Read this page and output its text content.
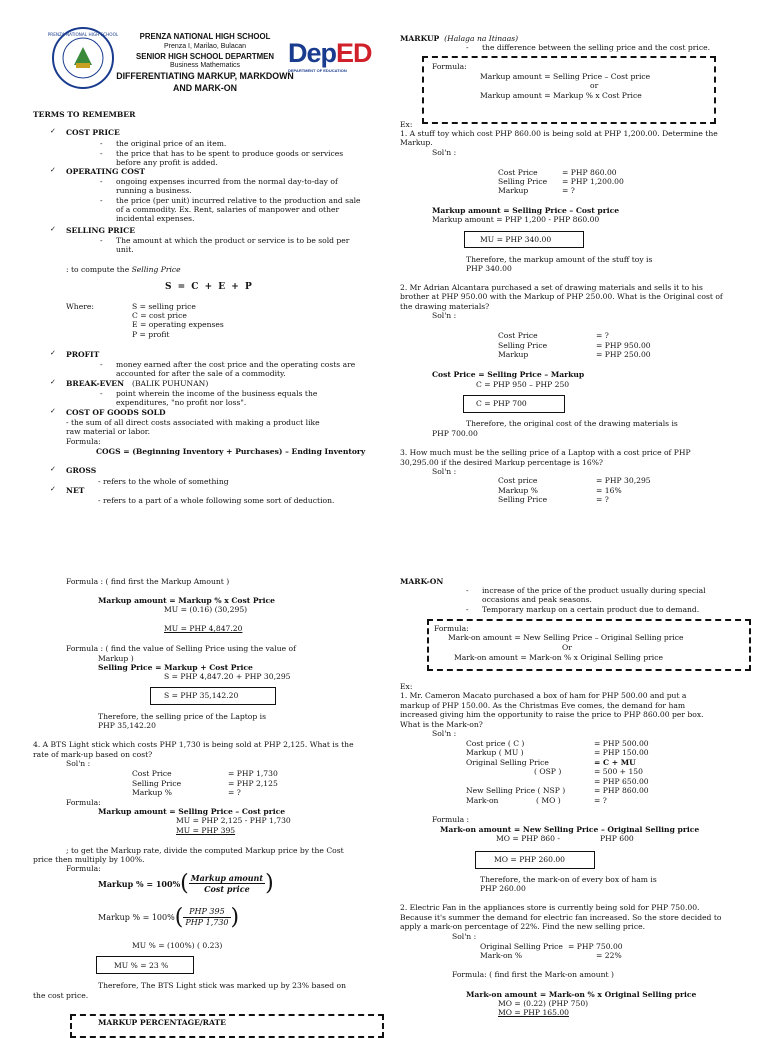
PRENZA NATIONAL HIGH SCHOOL	PRENZA NATIONAL HIGH SCHOOL
Prenza I, Marilao, Bulacan
SENIOR HIGH SCHOOL DEPARTMEN
Business Mathematics
DIFFERENTIATING MARKUP, MARKDOWN
AND MARK-ON
DepED
DEPARTMENT OF EDUCATION
TERMS TO REMEMBER
✓ COST PRICE
- the original price of an item.
- the price that has to be spent to produce goods or services
before any profit is added.
✓ OPERATING COST
- ongoing expenses incurred from the normal day-to-day of
running a business.
- the price (per unit) incurred relative to the production and sale
of a commodity. Ex. Rent, salaries of manpower and other
incidental expenses.
✓ SELLING PRICE
- The amount at which the product or service is to be sold per
unit.
: to compute the Selling Price
S = C + E + P
Where:	S = selling price
C = cost price
E = operating expenses
P = profit
✓ PROFIT
- money earned after the cost price and the operating costs are
accounted for after the sale of a commodity.
✓ BREAK-EVEN (BALIK PUHUNAN)
- point wherein the income of the business equals the
expenditures, "no profit nor loss".
✓ COST OF GOODS SOLD
- the sum of all direct costs associated with making a product like
raw material or labor.
Formula:
COGS = (Beginning Inventory + Purchases) – Ending Inventory
✓ GROSS
- refers to the whole of something
✓ NET
- refers to a part of a whole following some sort of deduction.
MARKUP (Halaga na Itinaas)
- the difference between the selling price and the cost price.
Formula:
Markup amount = Selling Price – Cost price
or
Markup amount = Markup % x Cost Price
Ex:
1. A stuff toy which cost PHP 860.00 is being sold at PHP 1,200.00. Determine the
Markup.
Sol'n :
Cost Price	= PHP 860.00
Selling Price = PHP 1,200.00
Markup	= ?
Markup amount = Selling Price – Cost price
Markup amount = PHP 1,200 - PHP 860.00
MU = PHP 340.00
Therefore, the markup amount of the stuff toy is
PHP 340.00
2. Mr Adrian Alcantara purchased a set of drawing materials and sells it to his
brother at PHP 950.00 with the Markup of PHP 250.00. What is the Original cost of
the drawing materials?
Sol'n :
Cost Price	= ?
Selling Price	= PHP 950.00
Markup	= PHP 250.00
Cost Price = Selling Price – Markup
C = PHP 950 – PHP 250
C = PHP 700
Therefore, the original cost of the drawing materials is
PHP 700.00
3. How much must be the selling price of a Laptop with a cost price of PHP
30,295.00 if the desired Markup percentage is 16%?
Sol'n :
Cost price	= PHP 30,295
Markup %	= 16%
Selling Price	= ?
Formula : ( find first the Markup Amount )
Markup amount = Markup % x Cost Price
MU = (0.16) (30,295)
MU = PHP 4,847.20
Formula : ( find the value of Selling Price using the value of
Markup )
Selling Price = Markup + Cost Price
S = PHP 4,847.20 + PHP 30,295
S = PHP 35,142.20
Therefore, the selling price of the Laptop is
PHP 35,142.20
4. A BTS Light stick which costs PHP 1,730 is being sold at PHP 2,125. What is the
rate of mark-up based on cost?
Sol'n :
Cost Price	= PHP 1,730
Selling Price	= PHP 2,125
Markup %	= ?
Formula:
Markup amount = Selling Price – Cost price
MU = PHP 2,125 - PHP 1,730
MU = PHP 395
; to get the Markup rate, divide the computed Markup price by the Cost
price then multiply by 100%.
Formula:
Markup % = $100\%( \frac{\text{Markup amount}}{\text{Cost price}}$ )
Markup % = $100\%( \frac{\text{PHP 395}}{\text{PHP 1,730}}$ )
MU % = (100%) ( 0.23)
MU % = 23 %
Therefore, The BTS Light stick was marked up by 23% based on
the cost price.
MARKUP PERCENTAGE/RATE
MARK-ON
- increase of the price of the product usually during special
occasions and peak seasons.
- Temporary markup on a certain product due to demand.
Formula:
Mark-on amount = New Selling Price – Original Selling price
Or
Mark-on amount = Mark-on % x Original Selling price
Ex:
1. Mr. Cameron Macato purchased a box of ham for PHP 500.00 and put a
markup of PHP 150.00. As the Christmas Eve comes, the demand for ham
increased giving him the opportunity to raise the price to PHP 860.00 per box.
What is the Mark-on?
Sol'n :
Cost price ( C )	= PHP 500.00
Markup ( MU )	= PHP 150.00
Original Selling Price	= C + MU
( OSP )	= 500 + 150
= PHP 650.00
New Selling Price ( NSP )	= PHP 860.00
Mark-on	( MO )	= ?
Formula :
Mark-on amount = New Selling Price – Original Selling price
MO = PHP 860 -	PHP 600
MO = PHP 260.00
Therefore, the mark-on of every box of ham is
PHP 260.00
2. Electric Fan in the appliances store is currently being sold for PHP 750.00.
Because it's summer the demand for electric fan increased. So the store decided to
apply a mark-on percentage of 22%. Find the new selling price.
Sol'n :
Original Selling Price = PHP 750.00
Mark-on %	= 22%
Formula: ( find first the Mark-on amount )
Mark-on amount = Mark-on % x Original Selling price
MO = (0.22) (PHP 750)
MO = PHP 165.00
